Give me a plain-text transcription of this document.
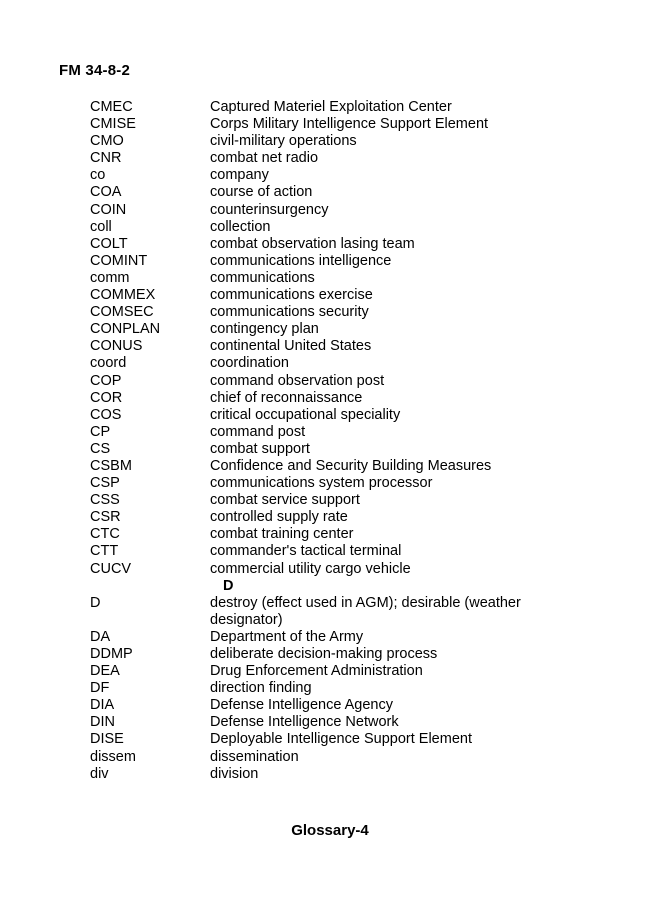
FM 34-8-2
CMEC	Captured Materiel Exploitation Center
CMISE	Corps Military Intelligence Support Element
CMO	civil-military operations
CNR	combat net radio
co	company
COA	course of action
COIN	counterinsurgency
coll	collection
COLT	combat observation lasing team
COMINT	communications intelligence
comm	communications
COMMEX	communications exercise
COMSEC	communications security
CONPLAN	contingency plan
CONUS	continental United States
coord	coordination
COP	command observation post
COR	chief of reconnaissance
COS	critical occupational speciality
CP	command post
CS	combat support
CSBM	Confidence and Security Building Measures
CSP	communications system processor
CSS	combat service support
CSR	controlled supply rate
CTC	combat training center
CTT	commander's tactical terminal
CUCV	commercial utility cargo vehicle
D
D	destroy (effect used in AGM); desirable (weather designator)
DA	Department of the Army
DDMP	deliberate decision-making process
DEA	Drug Enforcement Administration
DF	direction finding
DIA	Defense Intelligence Agency
DIN	Defense Intelligence Network
DISE	Deployable Intelligence Support Element
dissem	dissemination
div	division
Glossary-4
